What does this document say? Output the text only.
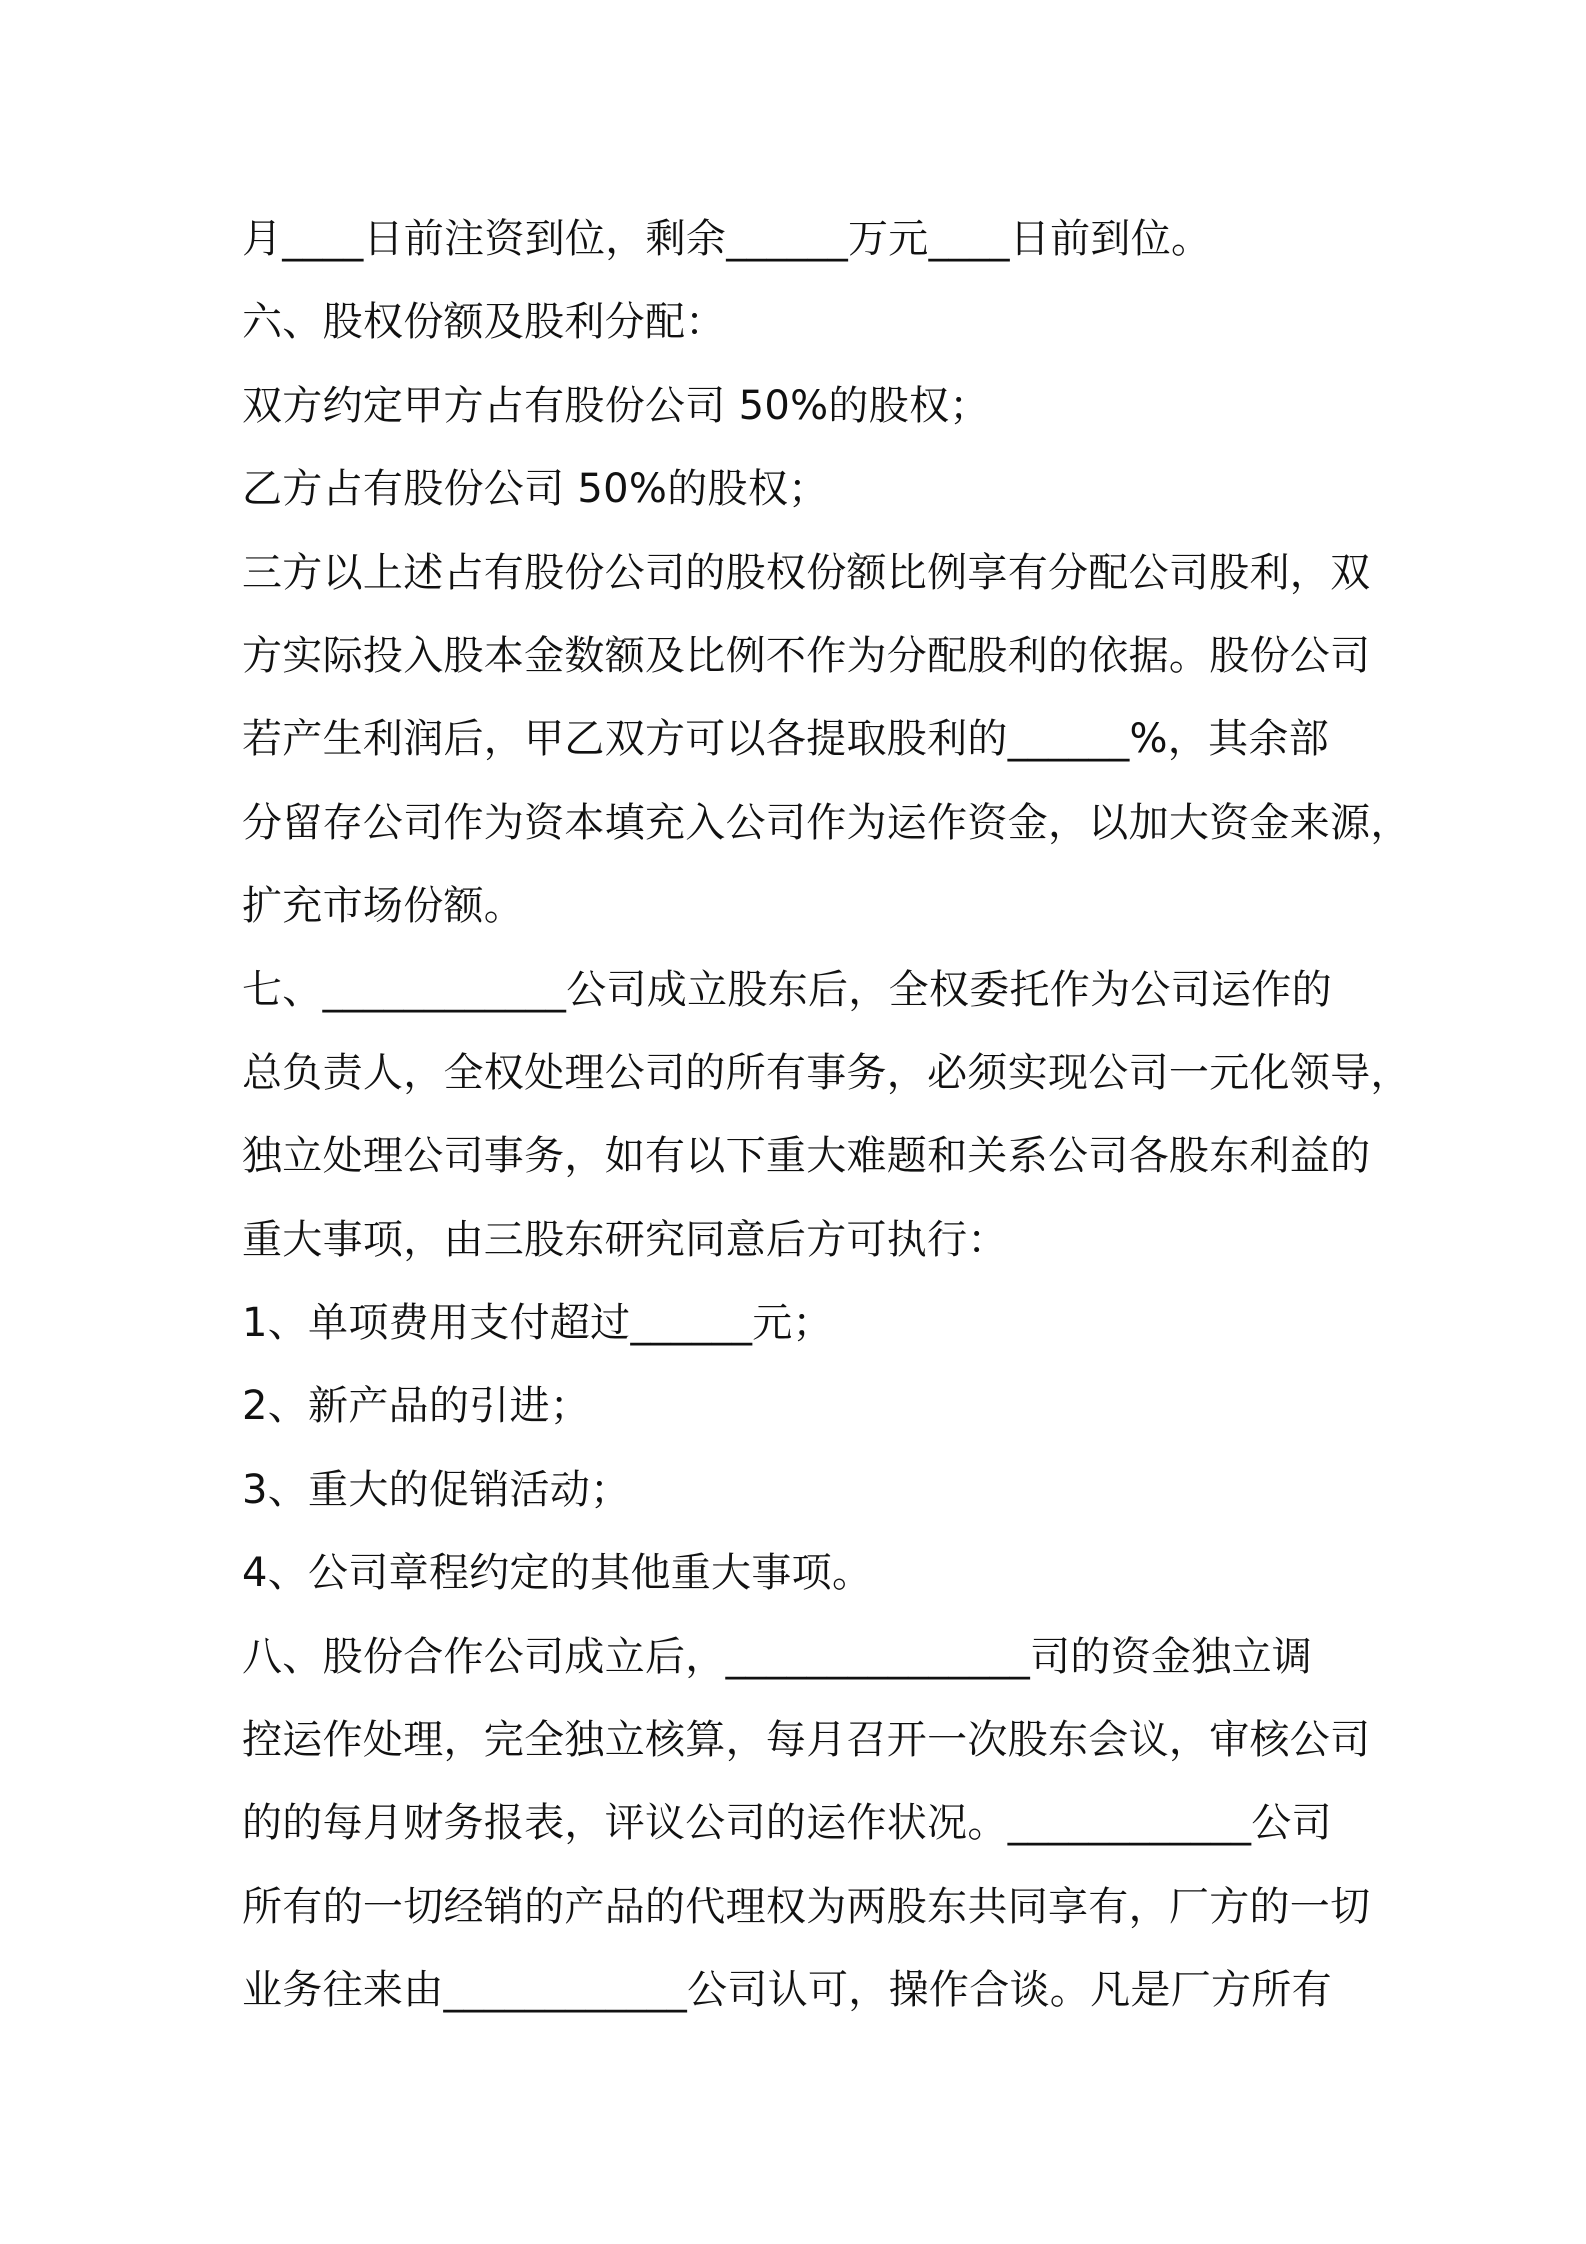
月____日前注资到位，剩余______万元____日前到位。
六、股权份额及股利分配：
双方约定甲方占有股份公司 50%的股权；
乙方占有股份公司 50%的股权；
三方以上述占有股份公司的股权份额比例享有分配公司股利，双
方实际投入股本金数额及比例不作为分配股利的依据。股份公司
若产生利润后，甲乙双方可以各提取股利的______%，其余部
分留存公司作为资本填充入公司作为运作资金，以加大资金来源，
扩充市场份额。
七、____________公司成立股东后，全权委托作为公司运作的
总负责人，全权处理公司的所有事务，必须实现公司一元化领导，
独立处理公司事务，如有以下重大难题和关系公司各股东利益的
重大事项，由三股东研究同意后方可执行：
1、单项费用支付超过______元；
2、新产品的引进；
3、重大的促销活动；
4、公司章程约定的其他重大事项。
八、股份合作公司成立后，_______________司的资金独立调
控运作处理，完全独立核算，每月召开一次股东会议，审核公司
的的每月财务报表，评议公司的运作状况。____________公司
所有的一切经销的产品的代理权为两股东共同享有，厂方的一切
业务往来由____________公司认可，操作合谈。凡是厂方所有
